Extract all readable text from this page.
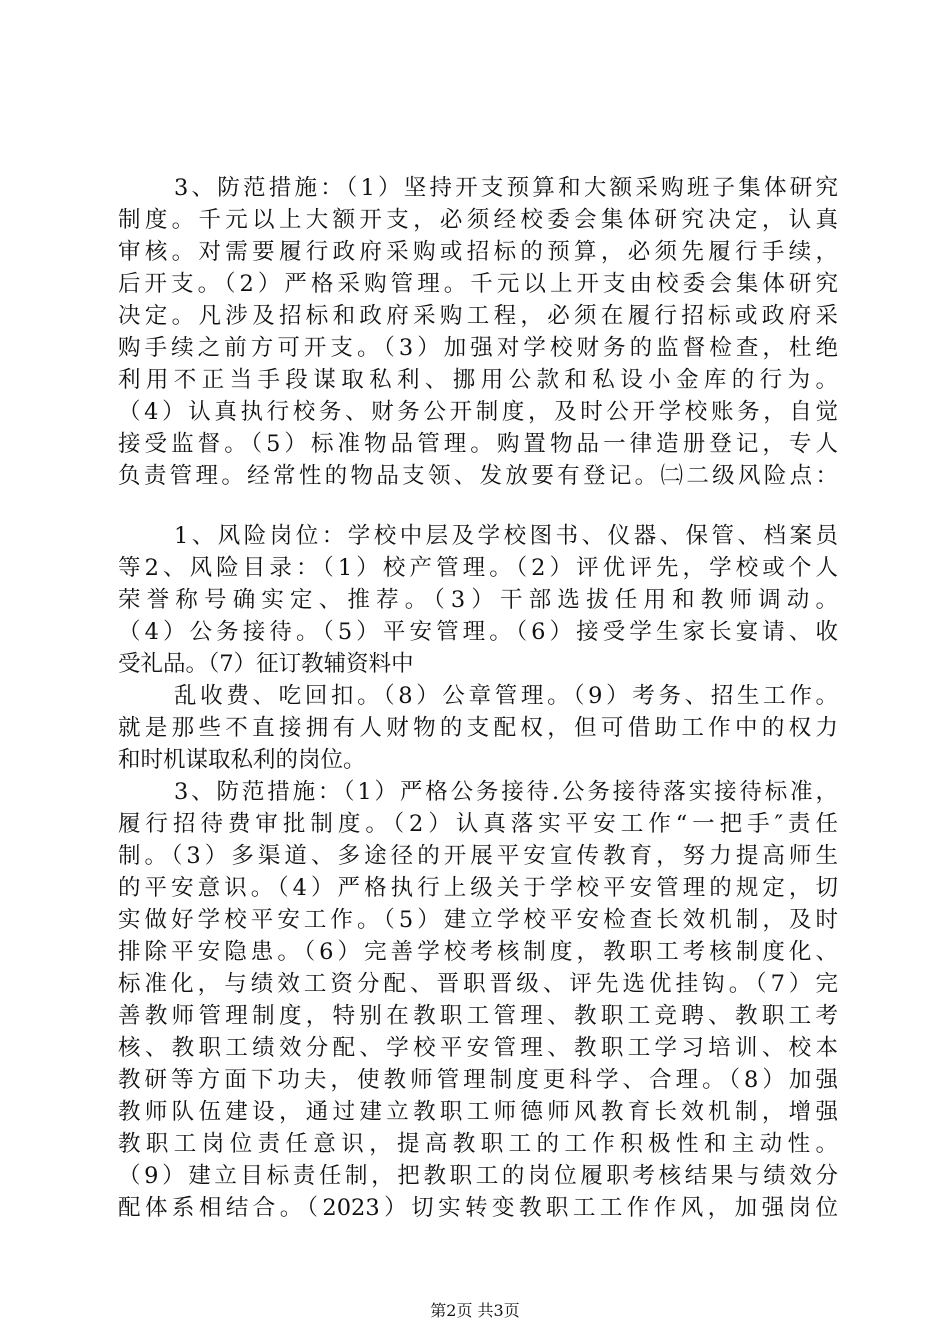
3、防范措施：（1）坚持开支预算和大额采购班子集体研究
制度。千元以上大额开支，必须经校委会集体研究决定，认真
审核。对需要履行政府采购或招标的预算，必须先履行手续，
后开支。（2）严格采购管理。千元以上开支由校委会集体研究
决定。凡涉及招标和政府采购工程，必须在履行招标或政府采
购手续之前方可开支。（3）加强对学校财务的监督检查，杜绝
利用不正当手段谋取私利、挪用公款和私设小金库的行为。
（4）认真执行校务、财务公开制度，及时公开学校账务，自觉
接受监督。（5）标准物品管理。购置物品一律造册登记，专人
负责管理。经常性的物品支领、发放要有登记。㈡二级风险点：
1、风险岗位：学校中层及学校图书、仪器、保管、档案员
等2、风险目录：（1）校产管理。（2）评优评先，学校或个人
荣誉称号确实定、推荐。（3）干部选拔任用和教师调动。
（4）公务接待。（5）平安管理。（6）接受学生家长宴请、收
受礼品。（7）征订教辅资料中
乱收费、吃回扣。（8）公章管理。（9）考务、招生工作。
就是那些不直接拥有人财物的支配权，但可借助工作中的权力
和时机谋取私利的岗位。
3、防范措施：（1）严格公务接待.公务接待落实接待标准，
履行招待费审批制度。（2）认真落实平安工作“一把手″责任
制。（3）多渠道、多途径的开展平安宣传教育，努力提高师生
的平安意识。（4）严格执行上级关于学校平安管理的规定，切
实做好学校平安工作。（5）建立学校平安检查长效机制，及时
排除平安隐患。（6）完善学校考核制度，教职工考核制度化、
标准化，与绩效工资分配、晋职晋级、评先选优挂钩。（7）完
善教师管理制度，特别在教职工管理、教职工竞聘、教职工考
核、教职工绩效分配、学校平安管理、教职工学习培训、校本
教研等方面下功夫，使教师管理制度更科学、合理。（8）加强
教师队伍建设，通过建立教职工师德师风教育长效机制，增强
教职工岗位责任意识，提高教职工的工作积极性和主动性。
（9）建立目标责任制，把教职工的岗位履职考核结果与绩效分
配体系相结合。（2023）切实转变教职工工作作风，加强岗位
第2页 共3页
